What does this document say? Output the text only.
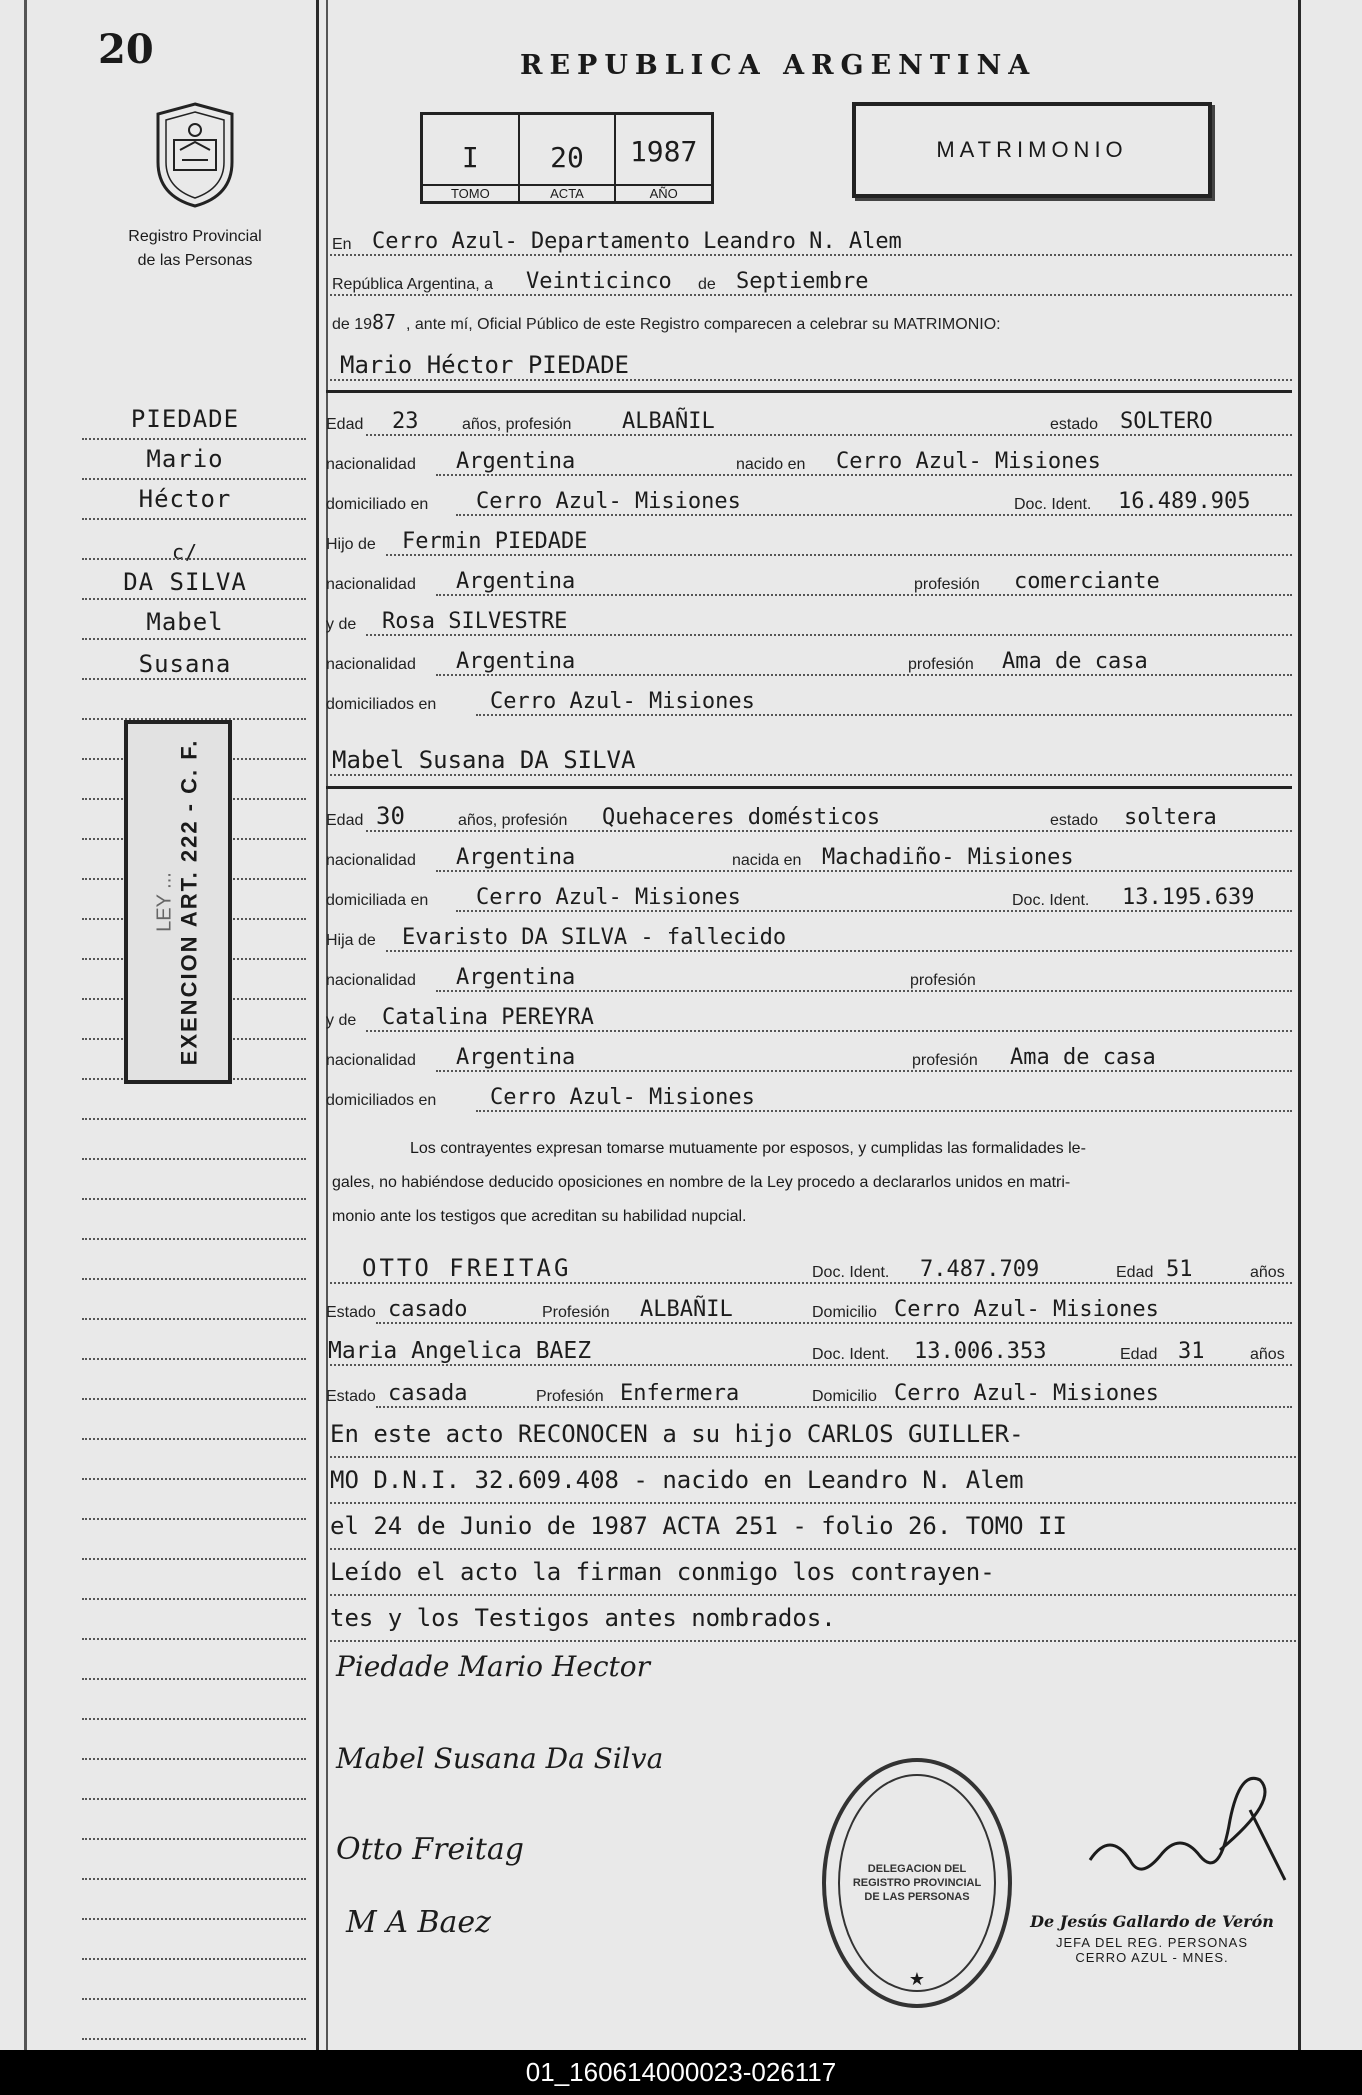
20
Registro Provincial
de las Personas
REPUBLICA ARGENTINA
I
TOMO
20
ACTA
1987
AÑO
MATRIMONIO
PIEDADE
Mario
Héctor
c/
DA SILVA
Mabel
Susana
LEY ... EXENCION ART. 222 - C. F.
En Cerro Azul- Departamento Leandro N. Alem
República Argentina, a Veinticinco de Septiembre
de 19 87 , ante mí, Oficial Público de este Registro comparecen a celebrar su MATRIMONIO:
Mario Héctor PIEDADE
Edad 23	años, profesión ALBAÑIL	estado SOLTERO
nacionalidad Argentina	nacido en Cerro Azul- Misiones
domiciliado en Cerro Azul- Misiones	Doc. Ident. 16.489.905
Hijo de Fermin PIEDADE
nacionalidad Argentina	profesión comerciante
y de Rosa SILVESTRE
nacionalidad Argentina	profesión Ama de casa
domiciliados en Cerro Azul- Misiones
Mabel Susana DA SILVA
Edad 30	años, profesión Quehaceres domésticos	estado soltera
nacionalidad Argentina	nacida en Machadiño- Misiones
domiciliada en Cerro Azul- Misiones	Doc. Ident. 13.195.639
Hija de Evaristo DA SILVA - fallecido
nacionalidad Argentina	profesión
y de Catalina PEREYRA
nacionalidad Argentina	profesión Ama de casa
domiciliados en Cerro Azul- Misiones
Los contrayentes expresan tomarse mutuamente por esposos, y cumplidas las formalidades le-
gales, no habiéndose deducido oposiciones en nombre de la Ley procedo a declararlos unidos en matri-
monio ante los testigos que acreditan su habilidad nupcial.
OTTO FREITAG	Doc. Ident. 7.487.709	Edad 51	años
Estado casado	Profesión ALBAÑIL	Domicilio Cerro Azul- Misiones
Maria Angelica BAEZ	Doc. Ident. 13.006.353	Edad 31	años
Estado casada	Profesión Enfermera	Domicilio Cerro Azul- Misiones
En este acto RECONOCEN a su hijo CARLOS GUILLER-
MO D.N.I. 32.609.408 - nacido en Leandro N. Alem
el 24 de Junio de 1987 ACTA 251 - folio 26. TOMO II
Leído el acto la firman conmigo los contrayen-
tes y los Testigos antes nombrados.
Piedade Mario Hector
Mabel Susana Da Silva
Otto Freitag
M A Baez
DELEGACION DEL REGISTRO PROVINCIAL DE LAS PERSONAS
★
De Jesús Gallardo de Verón
JEFA DEL REG. PERSONAS
CERRO AZUL - MNES.
01_160614000023-026117
